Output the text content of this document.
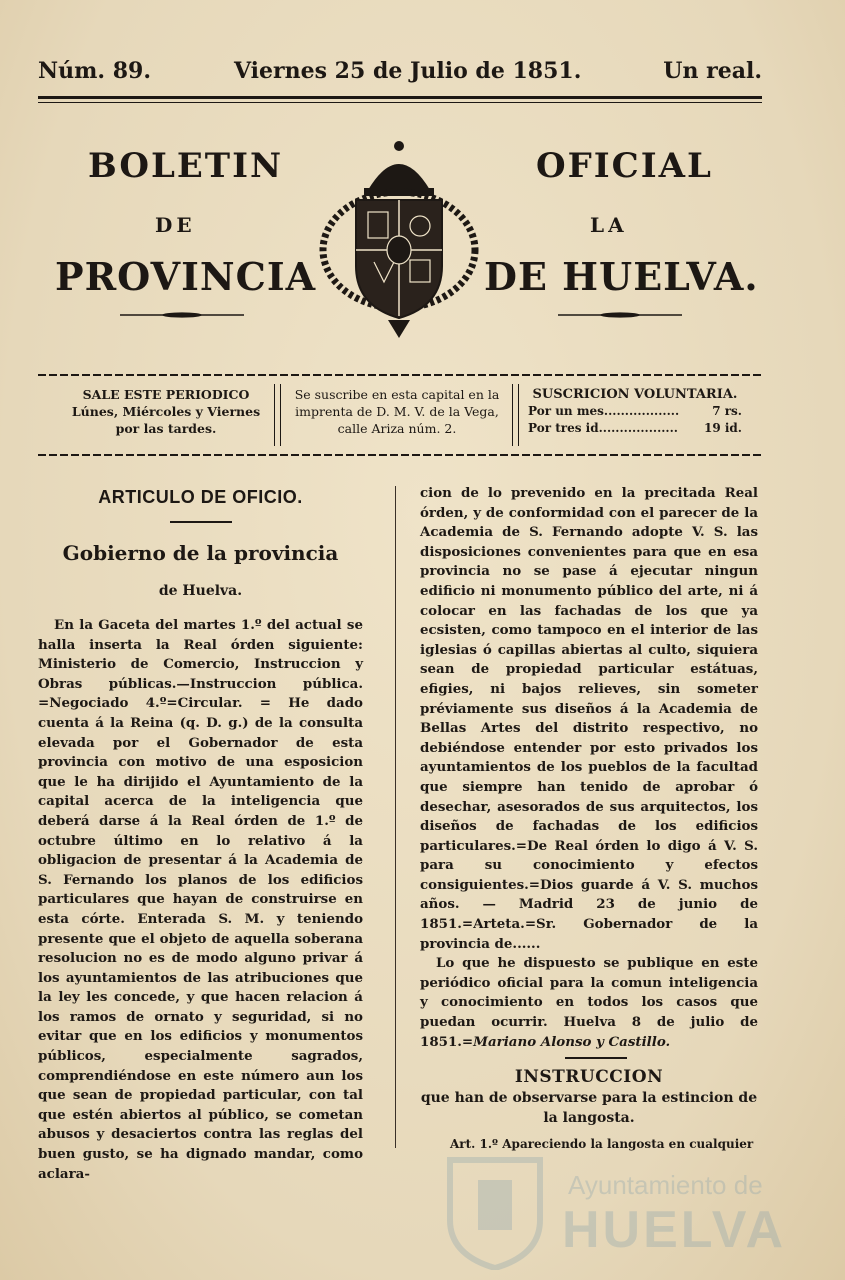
Núm. 89.	Viernes 25 de Julio de 1851.	Un real.
BOLETIN	OFICIAL
DE	LA
PROVINCIA	DE HUELVA.
SALE ESTE PERIODICO
Lúnes, Miércoles y Viernes
por las tardes.
Se suscribe en esta capital en la
imprenta de D. M. V. de la Vega,
calle Ariza núm. 2.
SUSCRICION VOLUNTARIA.
Por un mes..................	7 rs.
Por tres id................... 19 id.
ARTICULO DE OFICIO.
Gobierno de la provincia
de Huelva.

En la Gaceta del martes 1.º del actual se halla inserta la Real órden siguiente: Ministerio de Comercio, Instruccion y Obras públicas.—Instruccion pública. =Negociado 4.º=Circular. = He dado cuenta á la Reina (q. D. g.) de la consulta elevada por el Gobernador de esta provincia con motivo de una esposicion que le ha dirijido el Ayuntamiento de la capital acerca de la inteligencia que deberá darse á la Real órden de 1.º de octubre último en lo relativo á la obligacion de presentar á la Academia de S. Fernando los planos de los edificios particulares que hayan de construirse en esta córte. Enterada S. M. y teniendo presente que el objeto de aquella soberana resolucion no es de modo alguno privar á los ayuntamientos de las atribuciones que la ley les concede, y que hacen relacion á los ramos de ornato y seguridad, si no evitar que en los edificios y monumentos públicos, especialmente sagrados, comprendiéndose en este número aun los que sean de propiedad particular, con tal que estén abiertos al público, se cometan abusos y desaciertos contra las reglas del buen gusto, se ha dignado mandar, como aclara-

cion de lo prevenido en la precitada Real órden, y de conformidad con el parecer de la Academia de S. Fernando adopte V. S. las disposiciones convenientes para que en esa provincia no se pase á ejecutar ningun edificio ni monumento público del arte, ni á colocar en las fachadas de los que ya ecsisten, como tampoco en el interior de las iglesias ó capillas abiertas al culto, siquiera sean de propiedad particular estátuas, efigies, ni bajos relieves, sin someter préviamente sus diseños á la Academia de Bellas Artes del distrito respectivo, no debiéndose entender por esto privados los ayuntamientos de los pueblos de la facultad que siempre han tenido de aprobar ó desechar, asesorados de sus arquitectos, los diseños de fachadas de los edificios particulares.=De Real órden lo digo á V. S. para su conocimiento y efectos consiguientes.=Dios guarde á V. S. muchos años. — Madrid 23 de junio de 1851.=Arteta.=Sr. Gobernador de la provincia de......

Lo que he dispuesto se publique en este periódico oficial para la comun inteligencia y conocimiento en todos los casos que puedan ocurrir. Huelva 8 de julio de 1851.=Mariano Alonso y Castillo.

INSTRUCCION
que han de observarse para la estincion de la langosta.
Art. 1.º Apareciendo la langosta en cualquier
Ayuntamiento de
HUELVA
